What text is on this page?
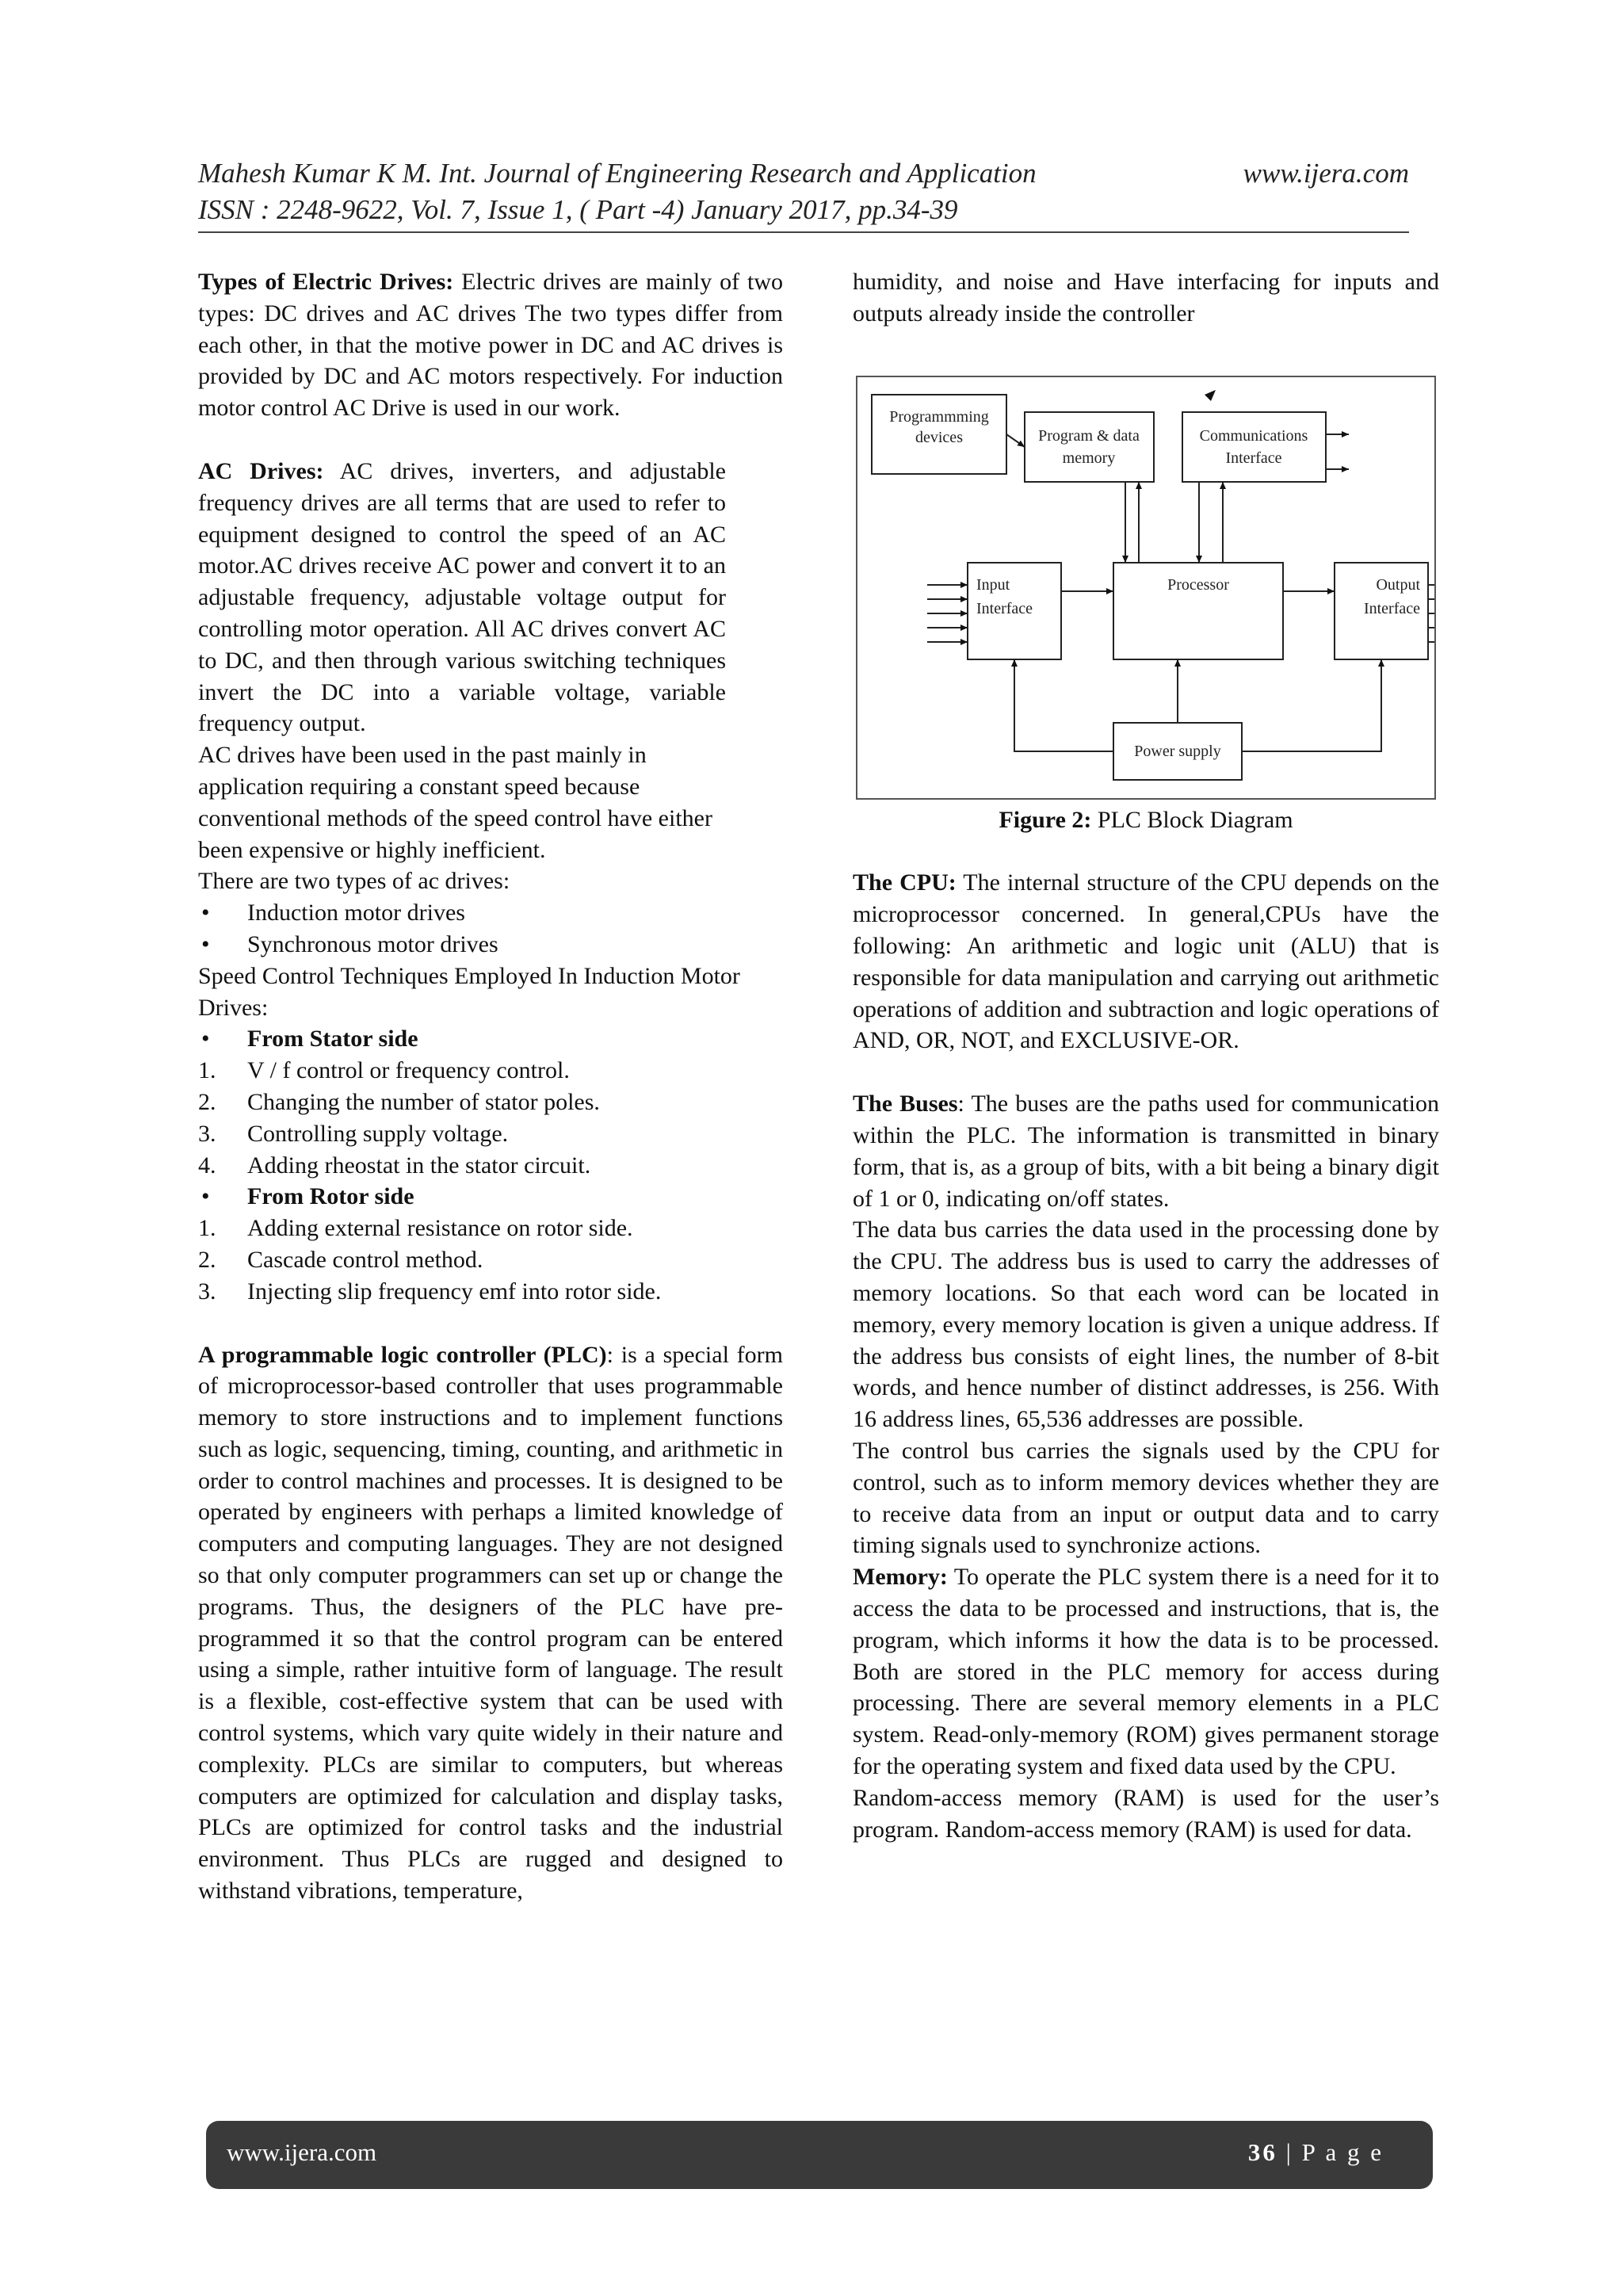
Mahesh Kumar K M. Int. Journal of Engineering Research and Application	www.ijera.com
ISSN : 2248-9622, Vol. 7, Issue 1, ( Part -4) January 2017, pp.34-39

Types of Electric Drives: Electric drives are mainly of two types: DC drives and AC drives The two types differ from each other, in that the motive power in DC and AC drives is provided by DC and AC motors respectively. For induction motor control AC Drive is used in our work.

AC Drives: AC drives, inverters, and adjustable frequency drives are all terms that are used to refer to equipment designed to control the speed of an AC motor.AC drives receive AC power and convert it to an adjustable frequency, adjustable voltage output for controlling motor operation. All AC drives convert AC to DC, and then through various switching techniques invert the DC into a variable voltage, variable frequency output.

AC drives have been used in the past mainly in application requiring a constant speed because conventional methods of the speed control have either been expensive or highly inefficient.

There are two types of ac drives:

• Induction motor drives
• Synchronous motor drives

Speed Control Techniques Employed In Induction Motor Drives:

• From Stator side
1.	V / f control or frequency control.
2.	Changing the number of stator poles.
3.	Controlling supply voltage.
4.	Adding rheostat in the stator circuit.
• From Rotor side
1.	Adding external resistance on rotor side.
2.	Cascade control method.
3.	Injecting slip frequency emf into rotor side.

A programmable logic controller (PLC): is a special form of microprocessor-based controller that uses programmable memory to store instructions and to implement functions such as logic, sequencing, timing, counting, and arithmetic in order to control machines and processes. It is designed to be operated by engineers with perhaps a limited knowledge of computers and computing languages. They are not designed so that only computer programmers can set up or change the programs. Thus, the designers of the PLC have pre-programmed it so that the control program can be entered using a simple, rather intuitive form of language. The result is a flexible, cost-effective system that can be used with control systems, which vary quite widely in their nature and complexity. PLCs are similar to computers, but whereas computers are optimized for calculation and display tasks, PLCs are optimized for control tasks and the industrial environment. Thus PLCs are rugged and designed to withstand vibrations, temperature,

humidity, and noise and Have interfacing for inputs and outputs already inside the controller

Programmming
devices	Program & data
memory
Communications
Interface
Input
Interface
Processor	Output
Interface
Power supply
Figure 2: PLC Block Diagram

The CPU: The internal structure of the CPU depends on the microprocessor concerned. In general,CPUs have the following: An arithmetic and logic unit (ALU) that is responsible for data manipulation and carrying out arithmetic operations of addition and subtraction and logic operations of AND, OR, NOT, and EXCLUSIVE-OR.

The Buses: The buses are the paths used for communication within the PLC. The information is transmitted in binary form, that is, as a group of bits, with a bit being a binary digit of 1 or 0, indicating on/off states.

The data bus carries the data used in the processing done by the CPU. The address bus is used to carry the addresses of memory locations. So that each word can be located in memory, every memory location is given a unique address. If the address bus consists of eight lines, the number of 8-bit words, and hence number of distinct addresses, is 256. With 16 address lines, 65,536 addresses are possible.

The control bus carries the signals used by the CPU for control, such as to inform memory devices whether they are to receive data from an input or output data and to carry timing signals used to synchronize actions.

Memory: To operate the PLC system there is a need for it to access the data to be processed and instructions, that is, the program, which informs it how the data is to be processed. Both are stored in the PLC memory for access during processing. There are several memory elements in a PLC system. Read-only-memory (ROM) gives permanent storage for the operating system and fixed data used by the CPU.

Random-access memory (RAM) is used for the user’s program. Random-access memory (RAM) is used for data.

www.ijera.com	36 | P a g e
